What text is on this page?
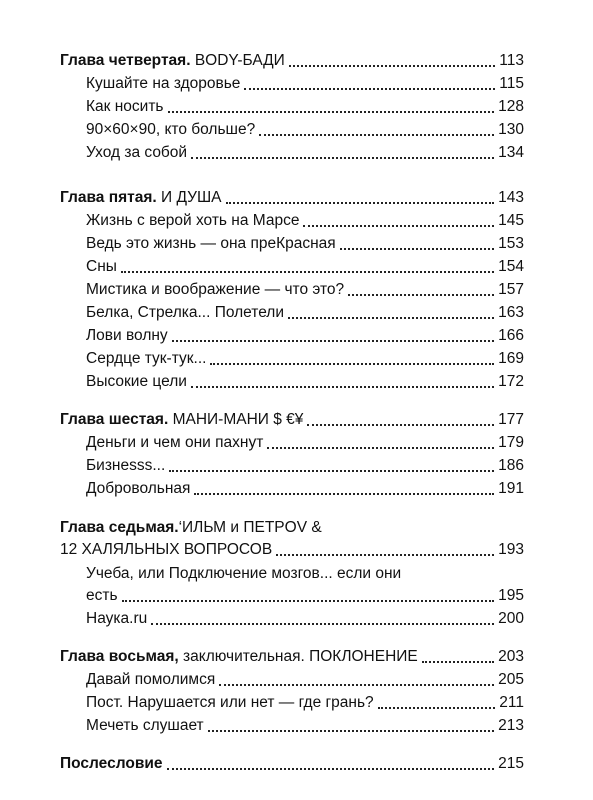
Глава четвертая. BODY-БАДИ	113
Кушайте на здоровье	115
Как носить	128
90×60×90, кто больше?	130
Уход за собой	134
Глава пятая. И ДУША	143
Жизнь с верой хоть на Марсе	145
Ведь это жизнь — она преКрасная	153
Сны	154
Мистика и воображение — что это?	157
Белка, Стрелка... Полетели	163
Лови волну	166
Сердце тук-тук...	169
Высокие цели	172
Глава шестая. МАНИ-МАНИ $ €¥	177
Деньги и чем они пахнут	179
Бизнеsss...	186
Добровольная	191
Глава седьмая. ‘ИЛЬМ и ПЕТРOV &
12 ХАЛЯЛЬНЫХ ВОПРОСОВ	193
Учеба, или Подключение мозгов... если они
есть	195
Наука.ru	200
Глава восьмая, заключительная. ПОКЛОНЕНИЕ	203
Давай помолимся	205
Пост. Нарушается или нет — где грань?	211
Мечеть слушает	213
Послесловие	215
